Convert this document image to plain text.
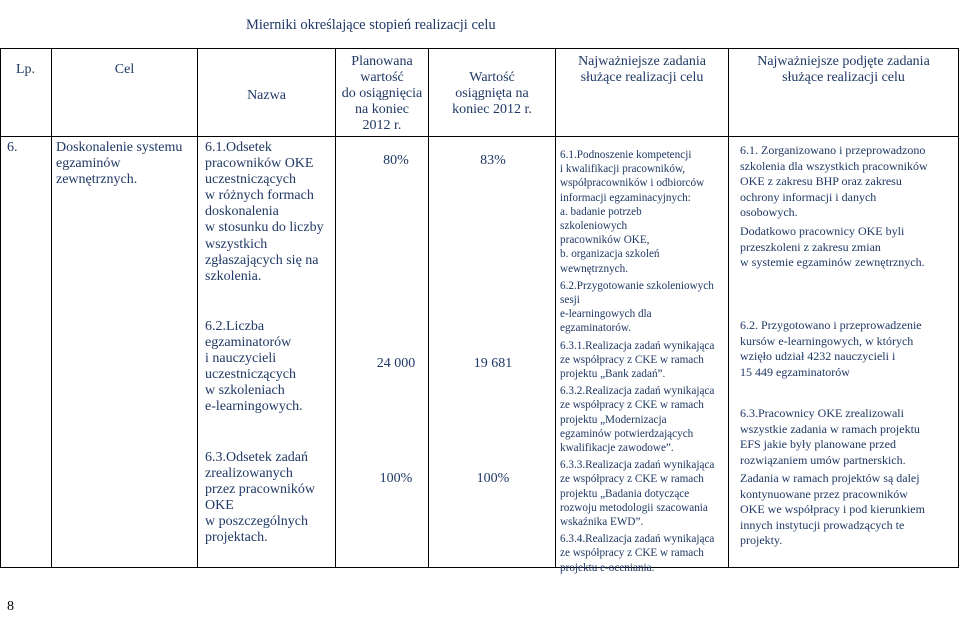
Mierniki określające stopień realizacji celu
Lp.	Cel
Nazwa
Planowana
wartość
do osiągnięcia
na koniec
2012 r.
Wartość
osiągnięta na
koniec 2012 r.
Najważniejsze zadania
służące realizacji celu
Najważniejsze podjęte zadania
służące realizacji celu
6.	Doskonalenie systemu
egzaminów
zewnętrznych.
6.1.Odsetek
pracowników OKE
uczestniczących
w różnych formach
doskonalenia
w stosunku do liczby
wszystkich
zgłaszających się na
szkolenia.
6.2.Liczba
egzaminatorów
i nauczycieli
uczestniczących
w szkoleniach
e-learningowych.
6.3.Odsetek zadań
zrealizowanych
przez pracowników
OKE
w poszczególnych
projektach.
80%
24 000
100%
83%
19 681
100%
6.1.Podnoszenie kompetencji
i kwalifikacji pracowników,
współpracowników i odbiorców
informacji egzaminacyjnych:
a. badanie potrzeb
szkoleniowych
pracowników OKE,
b. organizacja szkoleń
wewnętrznych.
6.2.Przygotowanie szkoleniowych
sesji
e-learningowych dla
egzaminatorów.
6.3.1.Realizacja zadań wynikająca
ze współpracy z CKE w ramach
projektu „Bank zadań”.
6.3.2.Realizacja zadań wynikająca
ze współpracy z CKE w ramach
projektu „Modernizacja
egzaminów potwierdzających
kwalifikacje zawodowe”.
6.3.3.Realizacja zadań wynikająca
ze współpracy z CKE w ramach
projektu „Badania dotyczące
rozwoju metodologii szacowania
wskaźnika EWD”.
6.3.4.Realizacja zadań wynikająca
ze współpracy z CKE w ramach
projektu e-oceniania.
6.1. Zorganizowano i przeprowadzono
szkolenia dla wszystkich pracowników
OKE z zakresu BHP oraz zakresu
ochrony informacji i danych
osobowych.
Dodatkowo pracownicy OKE byli
przeszkoleni z zakresu zmian
w systemie egzaminów zewnętrznych.
6.2. Przygotowano i przeprowadzenie
kursów e-learningowych, w których
wzięło udział 4232 nauczycieli i
15 449 egzaminatorów
6.3.Pracownicy OKE zrealizowali
wszystkie zadania w ramach projektu
EFS jakie były planowane przed
rozwiązaniem umów partnerskich.
Zadania w ramach projektów są dalej
kontynuowane przez pracowników
OKE we współpracy i pod kierunkiem
innych instytucji prowadzących te
projekty.
8
